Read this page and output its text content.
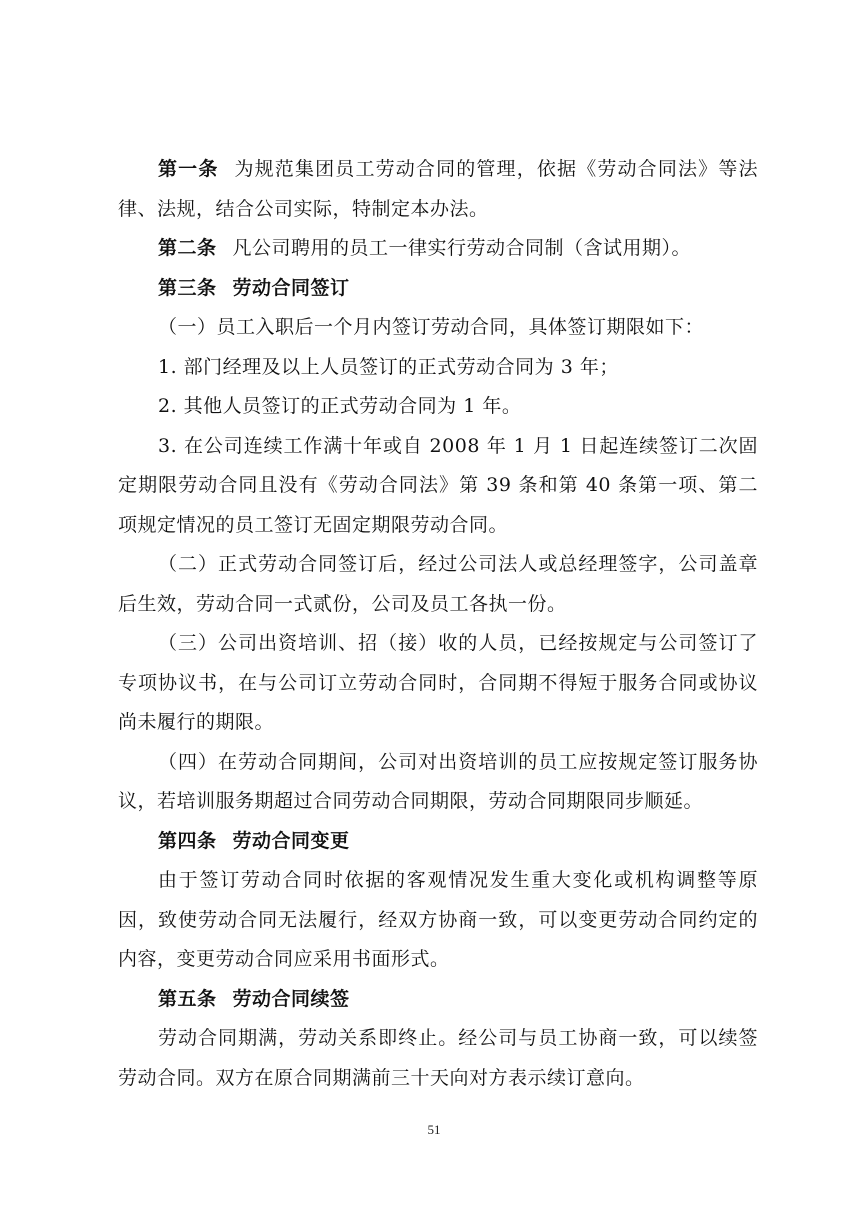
第一条 为规范集团员工劳动合同的管理，依据《劳动合同法》等法律、法规，结合公司实际，特制定本办法。

第二条 凡公司聘用的员工一律实行劳动合同制（含试用期）。

第三条 劳动合同签订

（一）员工入职后一个月内签订劳动合同，具体签订期限如下：

1. 部门经理及以上人员签订的正式劳动合同为 3 年；

2. 其他人员签订的正式劳动合同为 1 年。

3. 在公司连续工作满十年或自 2008 年 1 月 1 日起连续签订二次固定期限劳动合同且没有《劳动合同法》第 39 条和第 40 条第一项、第二项规定情况的员工签订无固定期限劳动合同。

（二）正式劳动合同签订后，经过公司法人或总经理签字，公司盖章后生效，劳动合同一式贰份，公司及员工各执一份。

（三）公司出资培训、招（接）收的人员，已经按规定与公司签订了专项协议书，在与公司订立劳动合同时，合同期不得短于服务合同或协议尚未履行的期限。

（四）在劳动合同期间，公司对出资培训的员工应按规定签订服务协议，若培训服务期超过合同劳动合同期限，劳动合同期限同步顺延。

第四条 劳动合同变更

由于签订劳动合同时依据的客观情况发生重大变化或机构调整等原因，致使劳动合同无法履行，经双方协商一致，可以变更劳动合同约定的内容，变更劳动合同应采用书面形式。

第五条 劳动合同续签

劳动合同期满，劳动关系即终止。经公司与员工协商一致，可以续签劳动合同。双方在原合同期满前三十天向对方表示续订意向。

51
